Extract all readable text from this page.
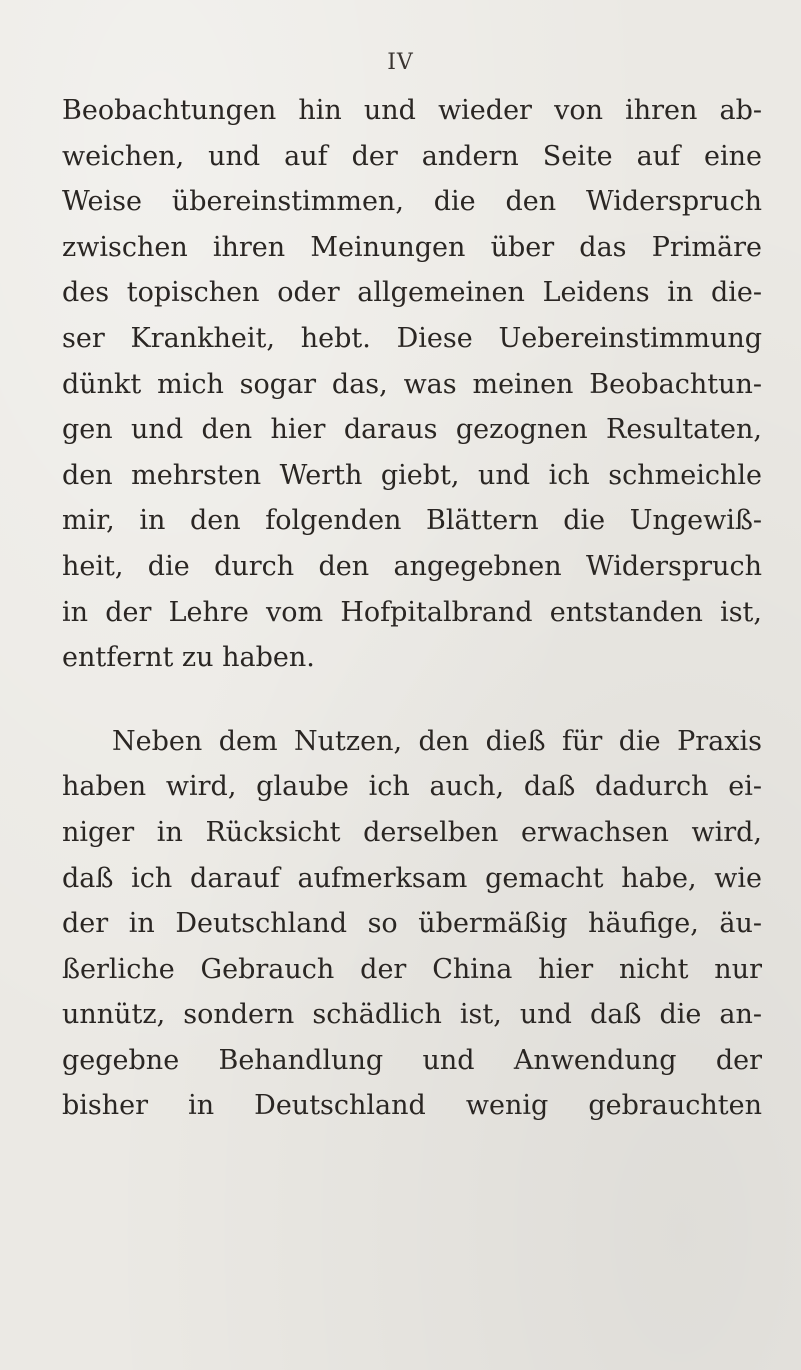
IV

Beobachtungen hin und wieder von ihren ab-
weichen, und auf der andern Seite auf eine
Weise übereinstimmen, die den Widerspruch
zwischen ihren Meinungen über das Primäre
des topischen oder allgemeinen Leidens in die-
ser Krankheit, hebt. Diese Uebereinstimmung
dünkt mich sogar das, was meinen Beobachtun-
gen und den hier daraus gezognen Resultaten,
den mehrsten Werth giebt, und ich schmeichle
mir, in den folgenden Blättern die Ungewiß-
heit, die durch den angegebnen Widerspruch
in der Lehre vom Hofpitalbrand entstanden ist,
entfernt zu haben.

Neben dem Nutzen, den dieß für die Praxis
haben wird, glaube ich auch, daß dadurch ei-
niger in Rücksicht derselben erwachsen wird,
daß ich darauf aufmerksam gemacht habe, wie
der in Deutschland so übermäßig häufige, äu-
ßerliche Gebrauch der China hier nicht nur
unnütz, sondern schädlich ist, und daß die an-
gegebne Behandlung und Anwendung der
bisher in Deutschland wenig gebrauchten
